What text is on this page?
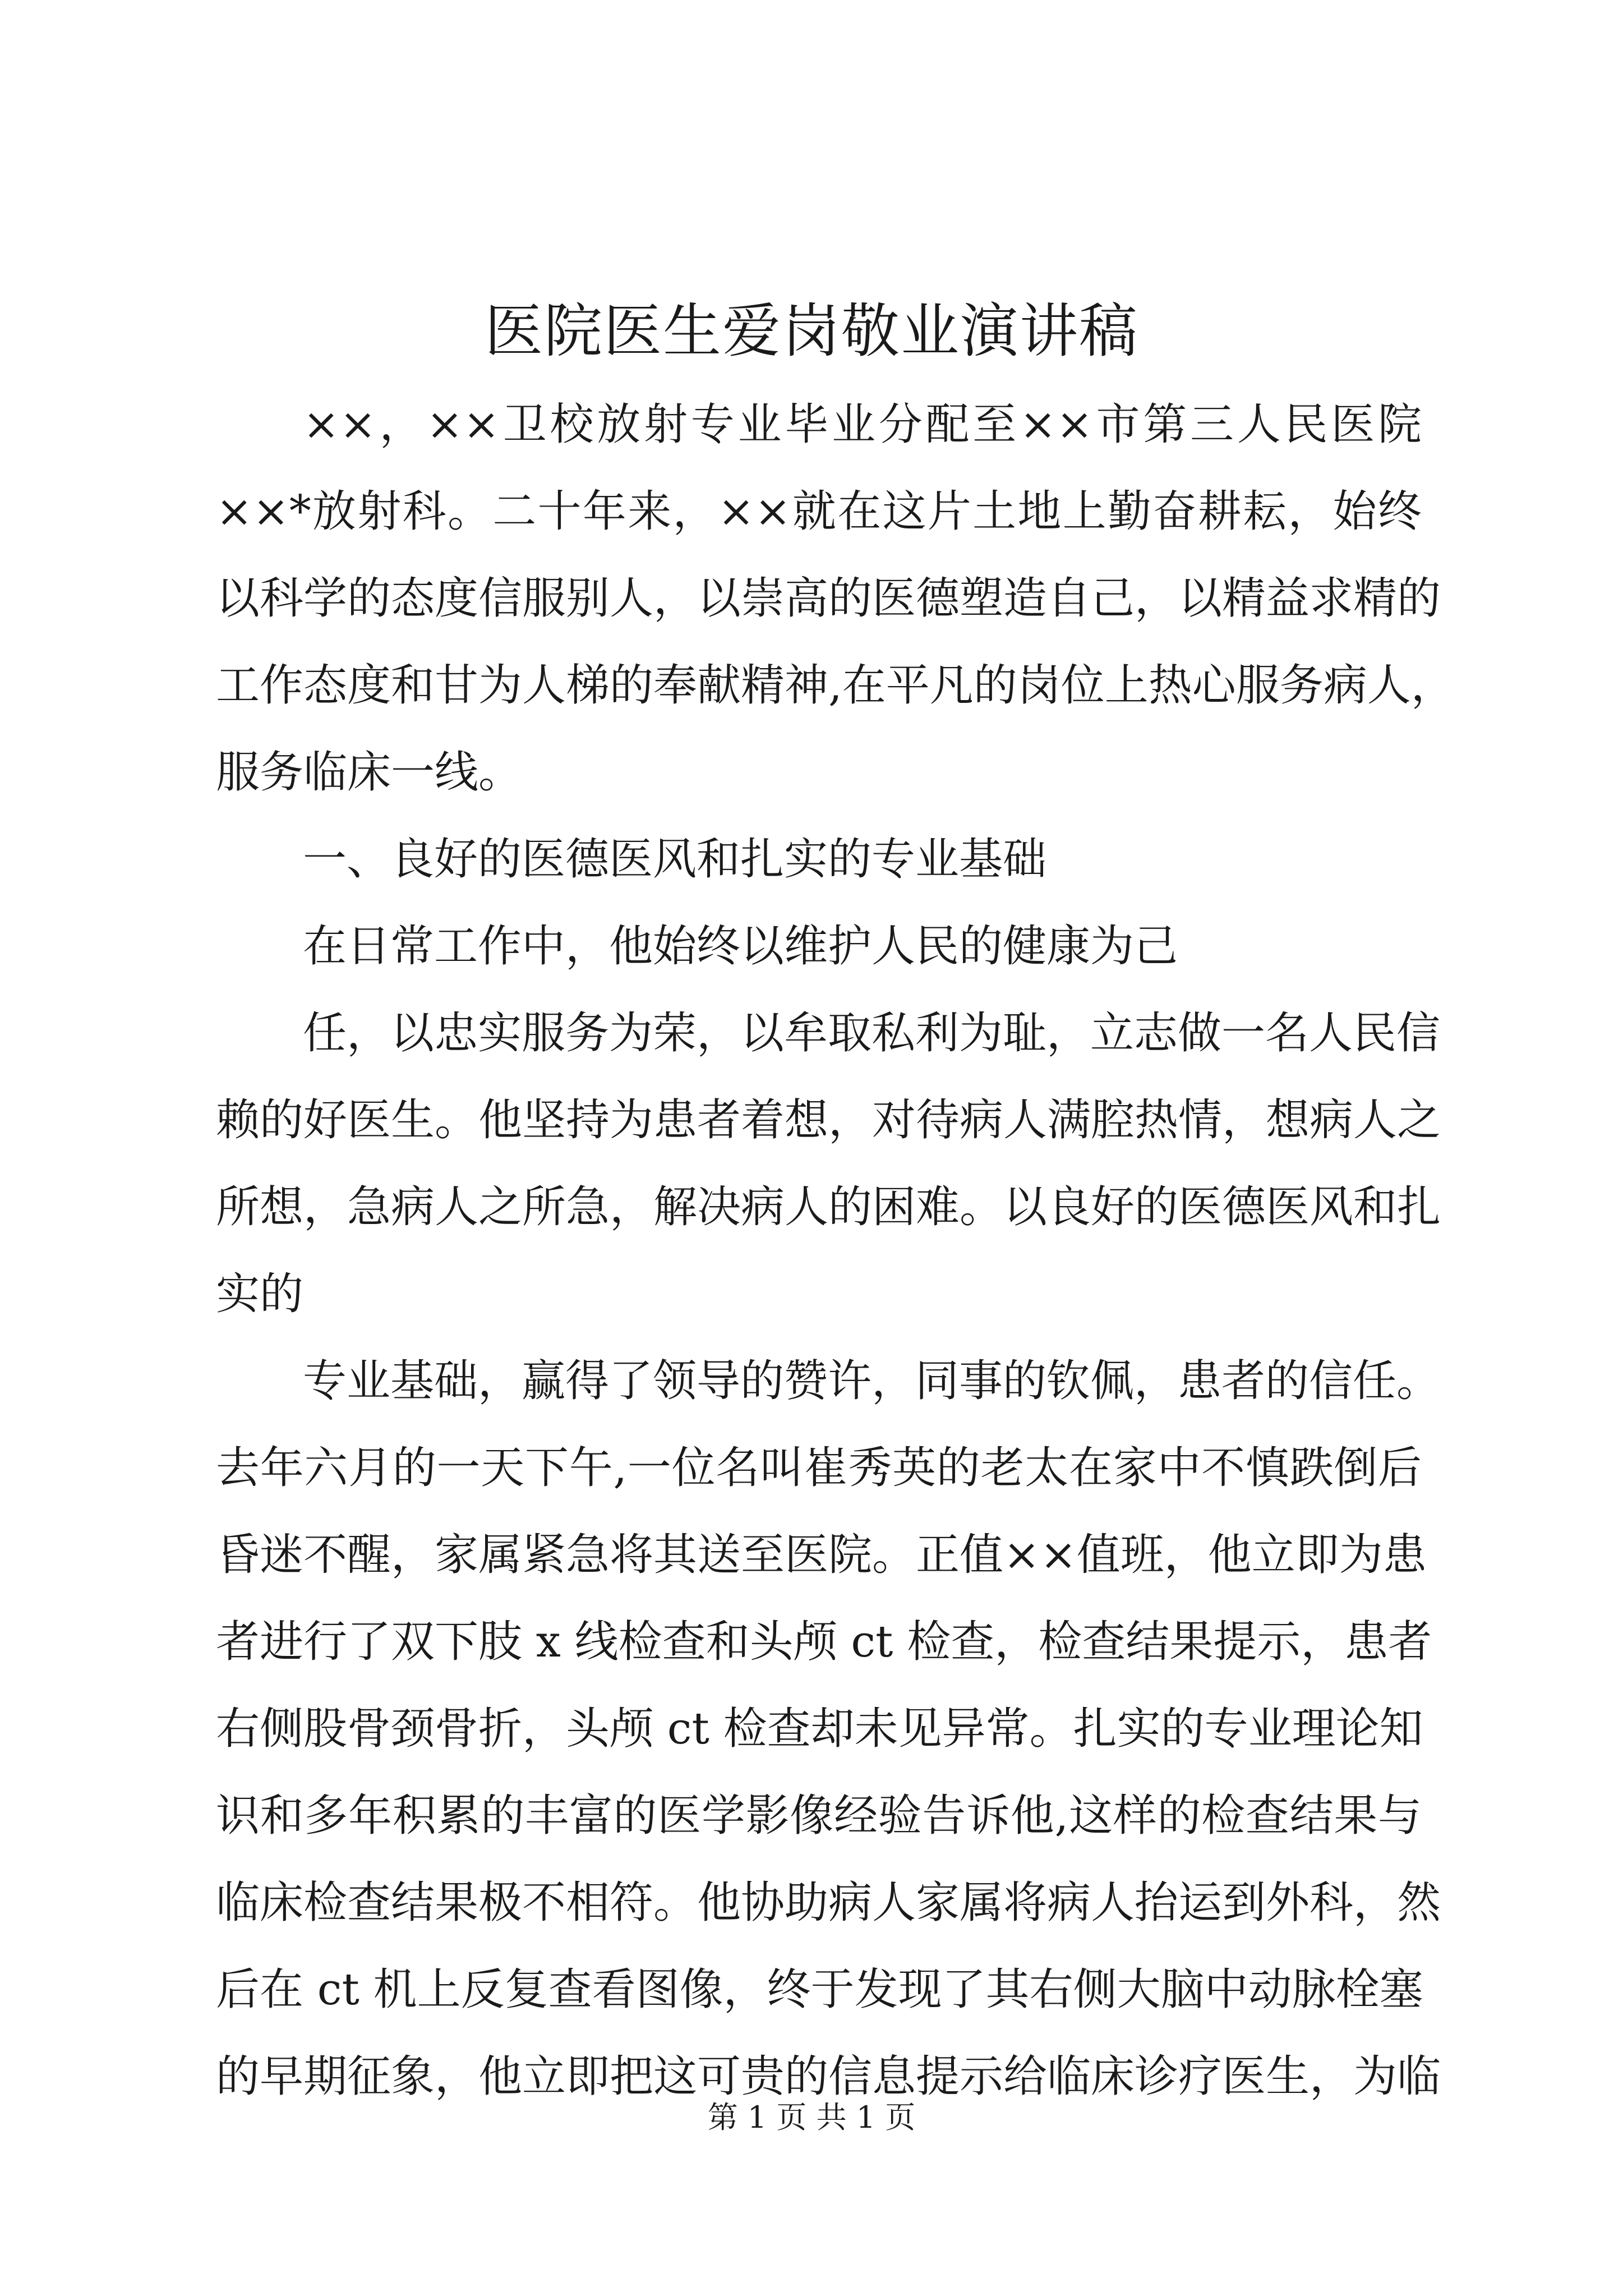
医院医生爱岗敬业演讲稿
××，××卫校放射专业毕业分配至××市第三人民医院
××*放射科。二十年来，××就在这片土地上勤奋耕耘，始终
以科学的态度信服别人，以崇高的医德塑造自己，以精益求精的
工作态度和甘为人梯的奉献精神,在平凡的岗位上热心服务病人，
服务临床一线。
一、良好的医德医风和扎实的专业基础
在日常工作中，他始终以维护人民的健康为己
任，以忠实服务为荣，以牟取私利为耻，立志做一名人民信
赖的好医生。他坚持为患者着想，对待病人满腔热情，想病人之
所想，急病人之所急，解决病人的困难。以良好的医德医风和扎
实的
专业基础，赢得了领导的赞许，同事的钦佩，患者的信任。
去年六月的一天下午,一位名叫崔秀英的老太在家中不慎跌倒后
昏迷不醒，家属紧急将其送至医院。正值××值班，他立即为患
者进行了双下肢 x 线检查和头颅 ct 检查，检查结果提示，患者
右侧股骨颈骨折，头颅 ct 检查却未见异常。扎实的专业理论知
识和多年积累的丰富的医学影像经验告诉他,这样的检查结果与
临床检查结果极不相符。他协助病人家属将病人抬运到外科，然
后在 ct 机上反复查看图像，终于发现了其右侧大脑中动脉栓塞
的早期征象，他立即把这可贵的信息提示给临床诊疗医生，为临
第 1 页 共 1 页
